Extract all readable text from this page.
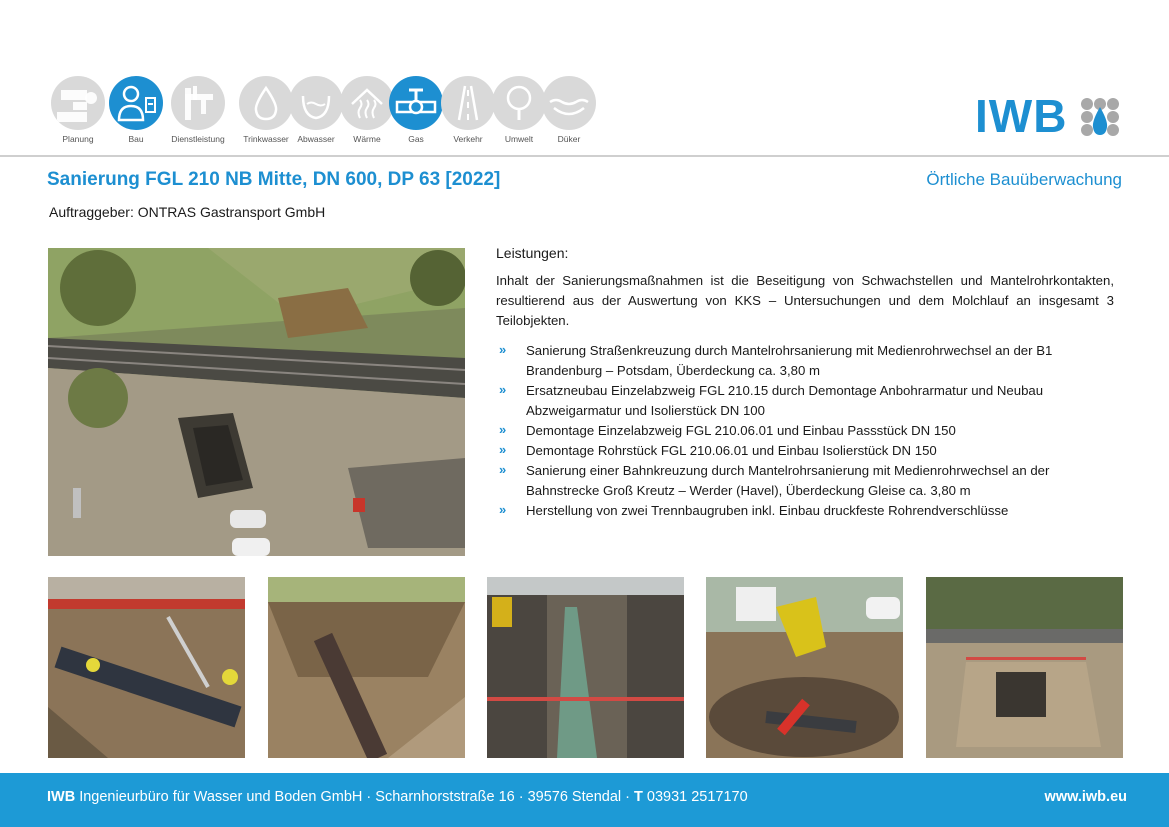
Planung	Bau	Dienstleistung	Trinkwasser	Abwasser	Wärme	Gas	Verkehr	Umwelt	Düker	IWB
Sanierung FGL 210 NB Mitte, DN 600, DP 63 [2022]	Örtliche Bauüberwachung
Auftraggeber: ONTRAS Gastransport GmbH

Leistungen:

Inhalt der Sanierungsmaßnahmen ist die Beseitigung von Schwachstellen und Mantelrohrkontakten, resultierend aus der Auswertung von KKS – Untersuchungen und dem Molchlauf an insgesamt 3 Teilobjekten.

» Sanierung Straßenkreuzung durch Mantelrohrsanierung mit Medienrohrwechsel an der B1 Brandenburg – Potsdam, Überdeckung ca. 3,80 m
» Ersatzneubau Einzelabzweig FGL 210.15 durch Demontage Anbohrarmatur und Neubau Abzweigarmatur und Isolierstück DN 100
» Demontage Einzelabzweig FGL 210.06.01 und Einbau Passstück DN 150
» Demontage Rohrstück FGL 210.06.01 und Einbau Isolierstück DN 150
» Sanierung einer Bahnkreuzung durch Mantelrohrsanierung mit Medienrohrwechsel an der Bahnstrecke Groß Kreutz – Werder (Havel), Überdeckung Gleise ca. 3,80 m
» Herstellung von zwei Trennbaugruben inkl. Einbau druckfeste Rohrendverschlüsse
IWB Ingenieurbüro für Wasser und Boden GmbH · Scharnhorststraße 16 · 39576 Stendal · T 03931 2517170	www.iwb.eu
